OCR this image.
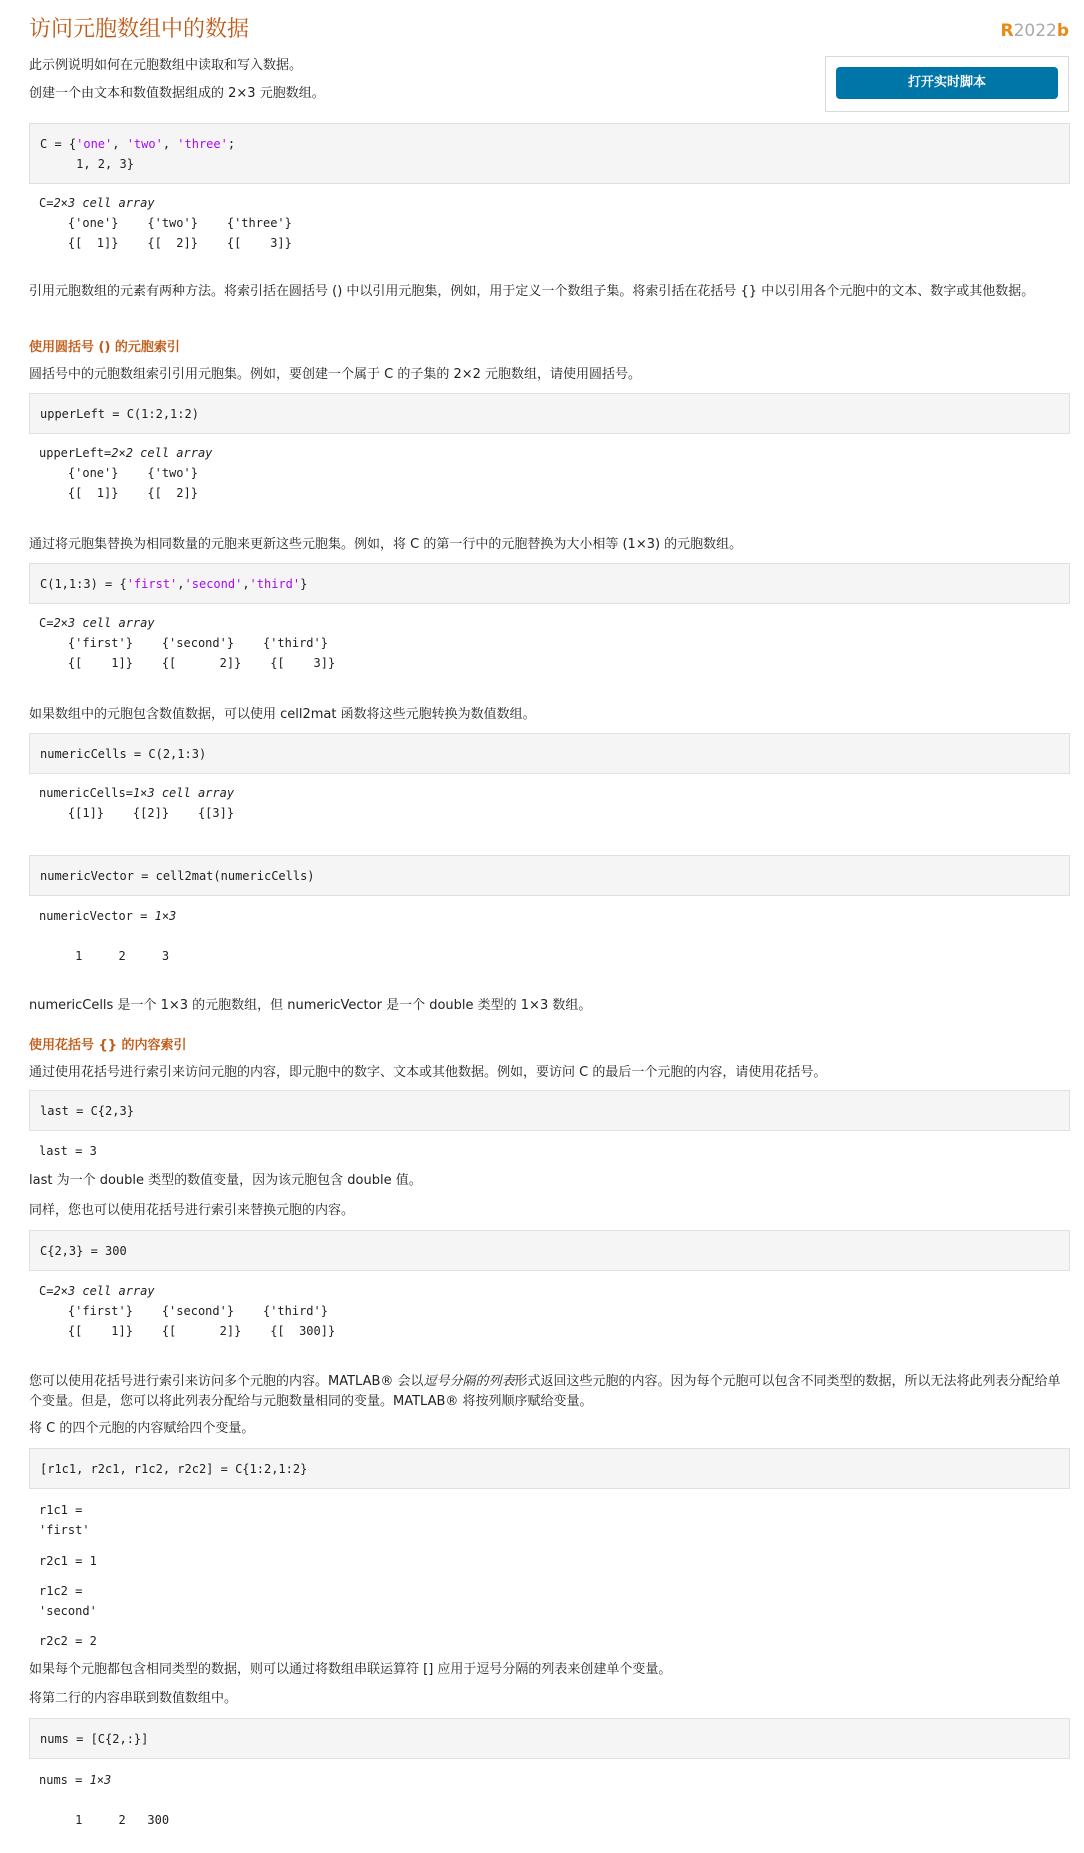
访问元胞数组中的数据	R2022b
打开实时脚本

此示例说明如何在元胞数组中读取和写入数据。

创建一个由文本和数值数据组成的 2×3 元胞数组。

C = {'one', 'two', 'three';
1, 2, 3}
C=2×3 cell array
{'one'}    {'two'}    {'three'}
{[  1]}    {[  2]}    {[    3]}

引用元胞数组的元素有两种方法。将索引括在圆括号 () 中以引用元胞集，例如，用于定义一个数组子集。将索引括在花括号 {} 中以引用各个元胞中的文本、数字或其他数据。

使用圆括号 () 的元胞索引

圆括号中的元胞数组索引引用元胞集。例如，要创建一个属于 C 的子集的 2×2 元胞数组，请使用圆括号。

upperLeft = C(1:2,1:2)
upperLeft=2×2 cell array
{'one'}    {'two'}
{[  1]}    {[  2]}

通过将元胞集替换为相同数量的元胞来更新这些元胞集。例如，将 C 的第一行中的元胞替换为大小相等 (1×3) 的元胞数组。

C(1,1:3) = {'first','second','third'}
C=2×3 cell array
{'first'}    {'second'}    {'third'}
{[    1]}    {[      2]}    {[    3]}

如果数组中的元胞包含数值数据，可以使用 cell2mat 函数将这些元胞转换为数值数组。

numericCells = C(2,1:3)
numericCells=1×3 cell array
{[1]}    {[2]}    {[3]}
numericVector = cell2mat(numericCells)
numericVector = 1×3

1     2     3

numericCells 是一个 1×3 的元胞数组，但 numericVector 是一个 double 类型的 1×3 数组。

使用花括号 {} 的内容索引

通过使用花括号进行索引来访问元胞的内容，即元胞中的数字、文本或其他数据。例如，要访问 C 的最后一个元胞的内容，请使用花括号。

last = C{2,3}
last = 3

last 为一个 double 类型的数值变量，因为该元胞包含 double 值。

同样，您也可以使用花括号进行索引来替换元胞的内容。

C{2,3} = 300
C=2×3 cell array
{'first'}    {'second'}    {'third'}
{[    1]}    {[      2]}    {[  300]}

您可以使用花括号进行索引来访问多个元胞的内容。MATLAB® 会以逗号分隔的列表形式返回这些元胞的内容。因为每个元胞可以包含不同类型的数据，所以无法将此列表分配给单个变量。但是，您可以将此列表分配给与元胞数量相同的变量。MATLAB® 将按列顺序赋给变量。

将 C 的四个元胞的内容赋给四个变量。

[r1c1, r2c1, r1c2, r2c2] = C{1:2,1:2}
r1c1 =
'first'
r2c1 = 1
r1c2 =
'second'
r2c2 = 2

如果每个元胞都包含相同类型的数据，则可以通过将数组串联运算符 [] 应用于逗号分隔的列表来创建单个变量。

将第二行的内容串联到数值数组中。

nums = [C{2,:}]
nums = 1×3

1     2   300
